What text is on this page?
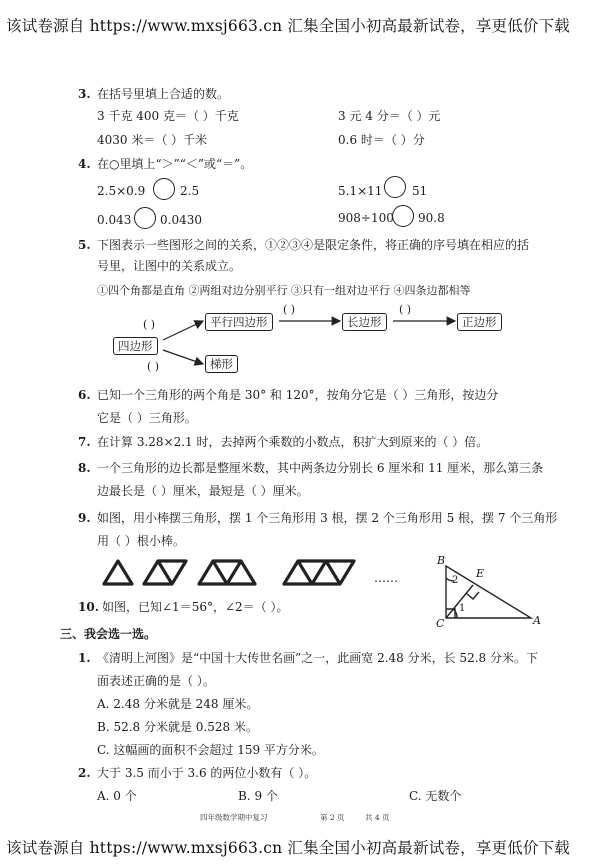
该试卷源自 https://www.mxsj663.cn 汇集全国小初高最新试卷，享更低价下载
3. 在括号里填上合适的数。
3 千克 400 克＝（ ）千克	3 元 4 分＝（ ）元
4030 米＝（ ）千米	0.6 时＝（ ）分
4. 在○里填上“＞”“＜”或“＝”。
2.5×0.9	2.5	5.1×11 51
0.043 0.0430	908÷100 90.8
5. 下图表示一些图形之间的关系，①②③④是限定条件，将正确的序号填在相应的括
号里，让图中的关系成立。
①四个角都是直角 ②两组对边分别平行 ③只有一组对边平行 ④四条边都相等
四边形
平行四边形	长边形	正边形
梯形
( )
( )	( )
( )
6. 已知一个三角形的两个角是 30° 和 120°，按角分它是（ ）三角形，按边分
它是（ ）三角形。
7. 在计算 3.28×2.1 时，去掉两个乘数的小数点，积扩大到原来的（ ）倍。
8. 一个三角形的边长都是整厘米数，其中两条边分别长 6 厘米和 11 厘米，那么第三条
边最长是（ ）厘米，最短是（ ）厘米。
9. 如图，用小棒摆三角形，摆 1 个三角形用 3 根，摆 2 个三角形用 5 根，摆 7 个三角形
用（ ）根小棒。
……
10. 如图，已知∠1＝56°，∠2＝（ ）。
B
E
C	A
1
2
三、我会选一选。
1. 《清明上河图》是“中国十大传世名画”之一，此画宽 2.48 分米，长 52.8 分米。下
面表述正确的是（ ）。
A. 2.48 分米就是 248 厘米。
B. 52.8 分米就是 0.528 米。
C. 这幅画的面积不会超过 159 平方分米。
2. 大于 3.5 而小于 3.6 的两位小数有（ ）。
A. 0 个	B. 9 个	C. 无数个
四年级数学期中复习	第 2 页	共 4 页
该试卷源自 https://www.mxsj663.cn 汇集全国小初高最新试卷，享更低价下载
